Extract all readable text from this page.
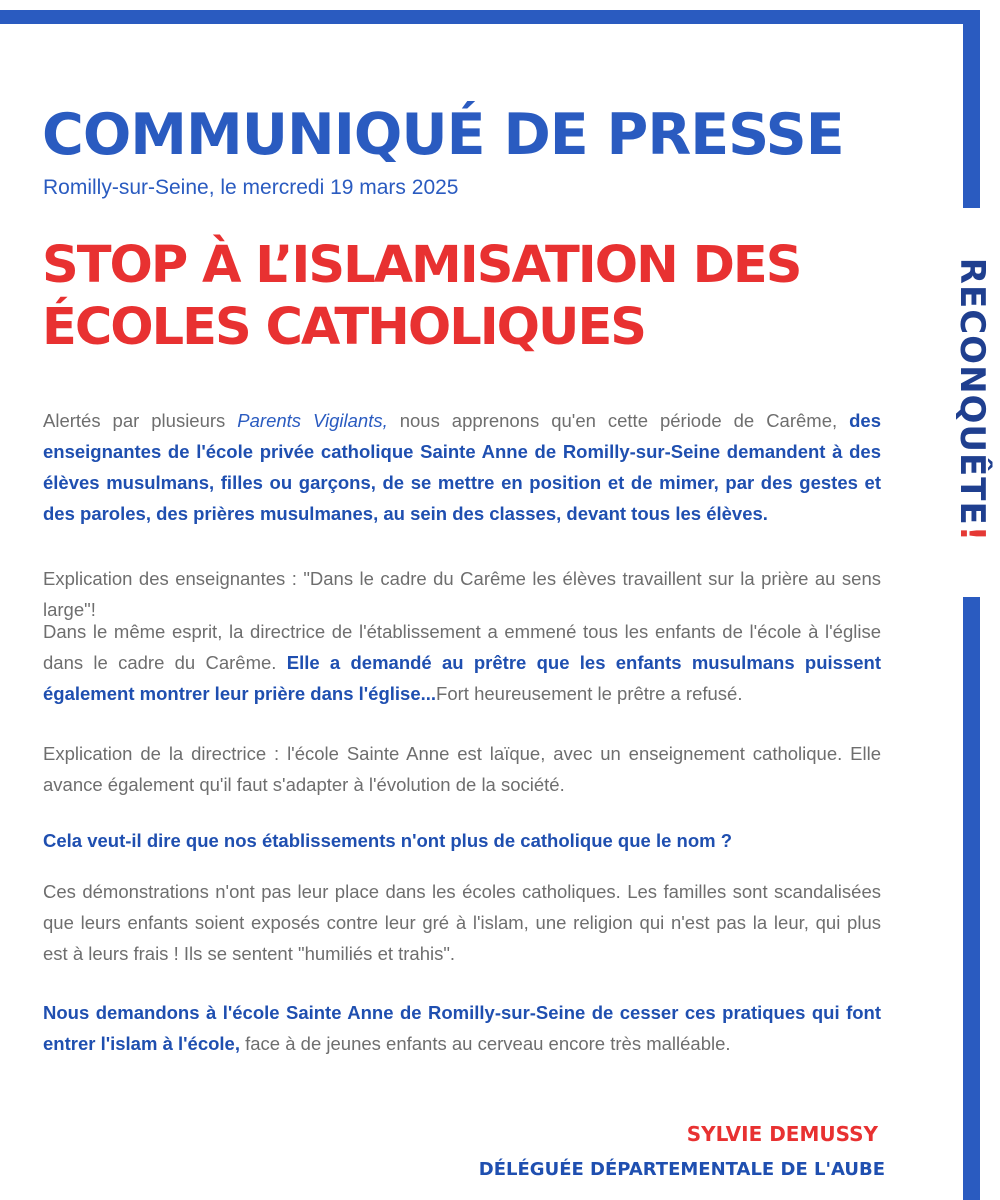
RECONQUÊTE!
COMMUNIQUÉ DE PRESSE
Romilly-sur-Seine, le mercredi 19 mars 2025
STOP À L’ISLAMISATION DES
ÉCOLES CATHOLIQUES

Alertés par plusieurs Parents Vigilants, nous apprenons qu'en cette période de Carême, des enseignantes de l'école privée catholique Sainte Anne de Romilly-sur-Seine demandent à des élèves musulmans, filles ou garçons, de se mettre en position et de mimer, par des gestes et des paroles, des prières musulmanes, au sein des classes, devant tous les élèves.

Explication des enseignantes : "Dans le cadre du Carême les élèves travaillent sur la prière au sens large"!

Dans le même esprit, la directrice de l'établissement a emmené tous les enfants de l'école à l'église dans le cadre du Carême. Elle a demandé au prêtre que les enfants musulmans puissent également montrer leur prière dans l'église...Fort heureusement le prêtre a refusé.

Explication de la directrice : l'école Sainte Anne est laïque, avec un enseignement catholique. Elle avance également qu'il faut s'adapter à l'évolution de la société.

Cela veut-il dire que nos établissements n'ont plus de catholique que le nom ?

Ces démonstrations n'ont pas leur place dans les écoles catholiques. Les familles sont scandalisées que leurs enfants soient exposés contre leur gré à l'islam, une religion qui n'est pas la leur, qui plus est à leurs frais ! Ils se sentent "humiliés et trahis".

Nous demandons à l'école Sainte Anne de Romilly-sur-Seine de cesser ces pratiques qui font entrer l'islam à l'école, face à de jeunes enfants au cerveau encore très malléable.

SYLVIE DEMUSSY
DÉLÉGUÉE DÉPARTEMENTALE DE L'AUBE
